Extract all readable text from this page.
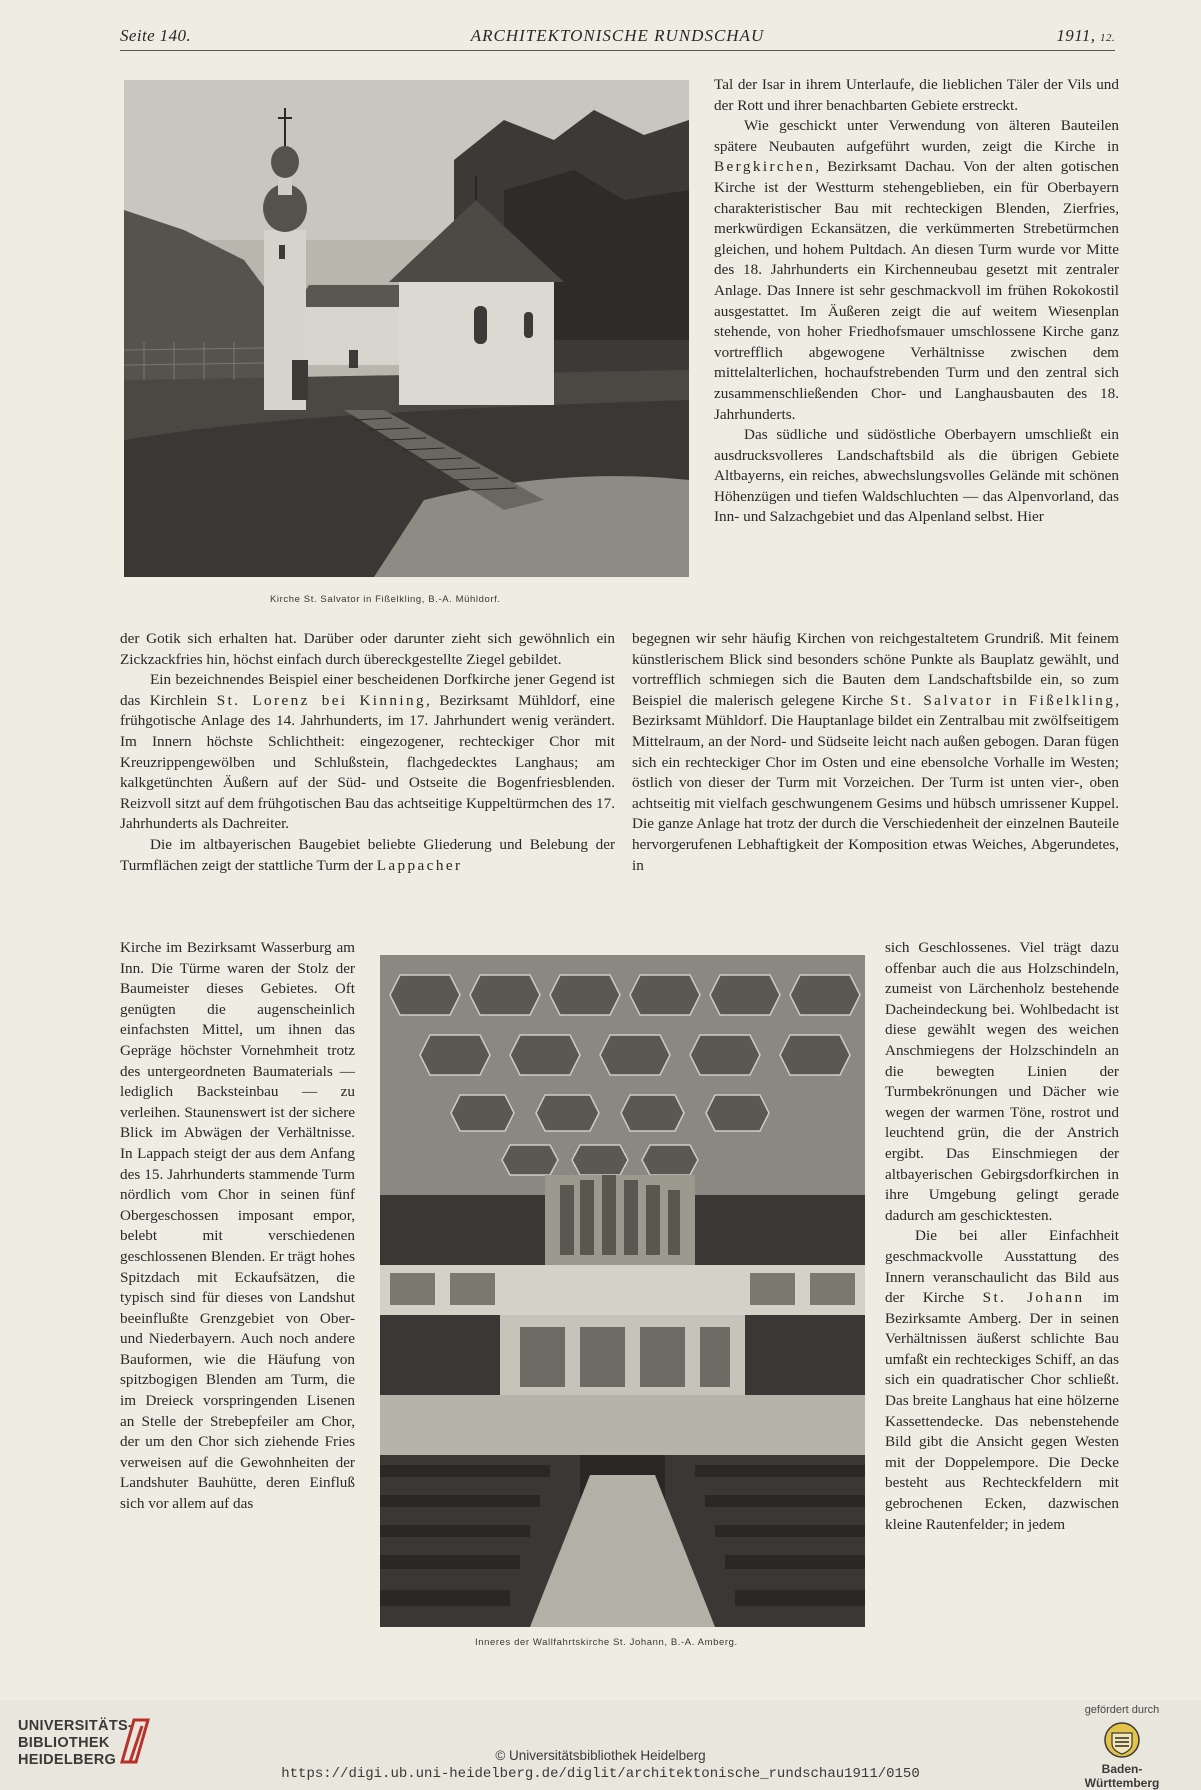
Seite 140.	ARCHITEKTONISCHE RUNDSCHAU	1911, 12.
Kirche St. Salvator in Fißelkling, B.-A. Mühldorf.

Tal der Isar in ihrem Unterlaufe, die lieblichen Täler der Vils und der Rott und ihrer benachbarten Gebiete erstreckt.

Wie geschickt unter Verwendung von älteren Bauteilen spätere Neubauten aufgeführt wurden, zeigt die Kirche in Bergkirchen, Bezirksamt Dachau. Von der alten gotischen Kirche ist der Westturm stehengeblieben, ein für Oberbayern charakteristischer Bau mit rechteckigen Blenden, Zierfries, merkwürdigen Eckansätzen, die verkümmerten Strebetürmchen gleichen, und hohem Pultdach. An diesen Turm wurde vor Mitte des 18. Jahrhunderts ein Kirchenneubau gesetzt mit zentraler Anlage. Das Innere ist sehr geschmackvoll im frühen Rokokostil ausgestattet. Im Äußeren zeigt die auf weitem Wiesenplan stehende, von hoher Friedhofsmauer umschlossene Kirche ganz vortrefflich abgewogene Verhältnisse zwischen dem mittelalterlichen, hochaufstrebenden Turm und den zentral sich zusammenschließenden Chor- und Langhausbauten des 18. Jahrhunderts.

Das südliche und südöstliche Oberbayern umschließt ein ausdrucksvolleres Landschaftsbild als die übrigen Gebiete Altbayerns, ein reiches, abwechslungsvolles Gelände mit schönen Höhenzügen und tiefen Waldschluchten — das Alpenvorland, das Inn- und Salzachgebiet und das Alpenland selbst. Hier

der Gotik sich erhalten hat. Darüber oder darunter zieht sich gewöhnlich ein Zickzackfries hin, höchst einfach durch übereckgestellte Ziegel gebildet.

Ein bezeichnendes Beispiel einer bescheidenen Dorfkirche jener Gegend ist das Kirchlein St. Lorenz bei Kinning, Bezirksamt Mühldorf, eine frühgotische Anlage des 14. Jahrhunderts, im 17. Jahrhundert wenig verändert. Im Innern höchste Schlichtheit: eingezogener, rechteckiger Chor mit Kreuzrippengewölben und Schlußstein, flachgedecktes Langhaus; am kalkgetünchten Äußern auf der Süd- und Ostseite die Bogenfriesblenden. Reizvoll sitzt auf dem frühgotischen Bau das achtseitige Kuppeltürmchen des 17. Jahrhunderts als Dachreiter.

Die im altbayerischen Baugebiet beliebte Gliederung und Belebung der Turmflächen zeigt der stattliche Turm der Lappacher

begegnen wir sehr häufig Kirchen von reichgestaltetem Grundriß. Mit feinem künstlerischem Blick sind besonders schöne Punkte als Bauplatz gewählt, und vortrefflich schmiegen sich die Bauten dem Landschaftsbilde ein, so zum Beispiel die malerisch gelegene Kirche St. Salvator in Fißelkling, Bezirksamt Mühldorf. Die Hauptanlage bildet ein Zentralbau mit zwölfseitigem Mittelraum, an der Nord- und Südseite leicht nach außen gebogen. Daran fügen sich ein rechteckiger Chor im Osten und eine ebensolche Vorhalle im Westen; östlich von dieser der Turm mit Vorzeichen. Der Turm ist unten vier-, oben achtseitig mit vielfach geschwungenem Gesims und hübsch umrissener Kuppel. Die ganze Anlage hat trotz der durch die Verschiedenheit der einzelnen Bauteile hervorgerufenen Lebhaftigkeit der Komposition etwas Weiches, Abgerundetes, in

Inneres der Wallfahrtskirche St. Johann, B.-A. Amberg.

Kirche im Bezirksamt Wasserburg am Inn. Die Türme waren der Stolz der Baumeister dieses Gebietes. Oft genügten die augenscheinlich einfachsten Mittel, um ihnen das Gepräge höchster Vornehmheit trotz des untergeordneten Baumaterials — lediglich Backsteinbau — zu verleihen. Staunenswert ist der sichere Blick im Abwägen der Verhältnisse. In Lappach steigt der aus dem Anfang des 15. Jahrhunderts stammende Turm nördlich vom Chor in seinen fünf Obergeschossen imposant empor, belebt mit verschiedenen geschlossenen Blenden. Er trägt hohes Spitzdach mit Eckaufsätzen, die typisch sind für dieses von Landshut beeinflußte Grenzgebiet von Ober- und Niederbayern. Auch noch andere Bauformen, wie die Häufung von spitzbogigen Blenden am Turm, die im Dreieck vorspringenden Lisenen an Stelle der Strebepfeiler am Chor, der um den Chor sich ziehende Fries verweisen auf die Gewohnheiten der Landshuter Bauhütte, deren Einfluß sich vor allem auf das

sich Geschlossenes. Viel trägt dazu offenbar auch die aus Holzschindeln, zumeist von Lärchenholz bestehende Dacheindeckung bei. Wohlbedacht ist diese gewählt wegen des weichen Anschmiegens der Holzschindeln an die bewegten Linien der Turmbekrönungen und Dächer wie wegen der warmen Töne, rostrot und leuchtend grün, die der Anstrich ergibt. Das Einschmiegen der altbayerischen Gebirgsdorfkirchen in ihre Umgebung gelingt gerade dadurch am geschicktesten.

Die bei aller Einfachheit geschmackvolle Ausstattung des Innern veranschaulicht das Bild aus der Kirche St. Johann im Bezirksamte Amberg. Der in seinen Verhältnissen äußerst schlichte Bau umfaßt ein rechteckiges Schiff, an das sich ein quadratischer Chor schließt. Das breite Langhaus hat eine hölzerne Kassettendecke. Das nebenstehende Bild gibt die Ansicht gegen Westen mit der Doppelempore. Die Decke besteht aus Rechteckfeldern mit gebrochenen Ecken, dazwischen kleine Rautenfelder; in jedem

UNIVERSITÄTS-
BIBLIOTHEK
HEIDELBERG	© Universitätsbibliothek Heidelberg
https://digi.ub.uni-heidelberg.de/diglit/architektonische_rundschau1911/0150
gefördert durch
Baden-Württemberg
